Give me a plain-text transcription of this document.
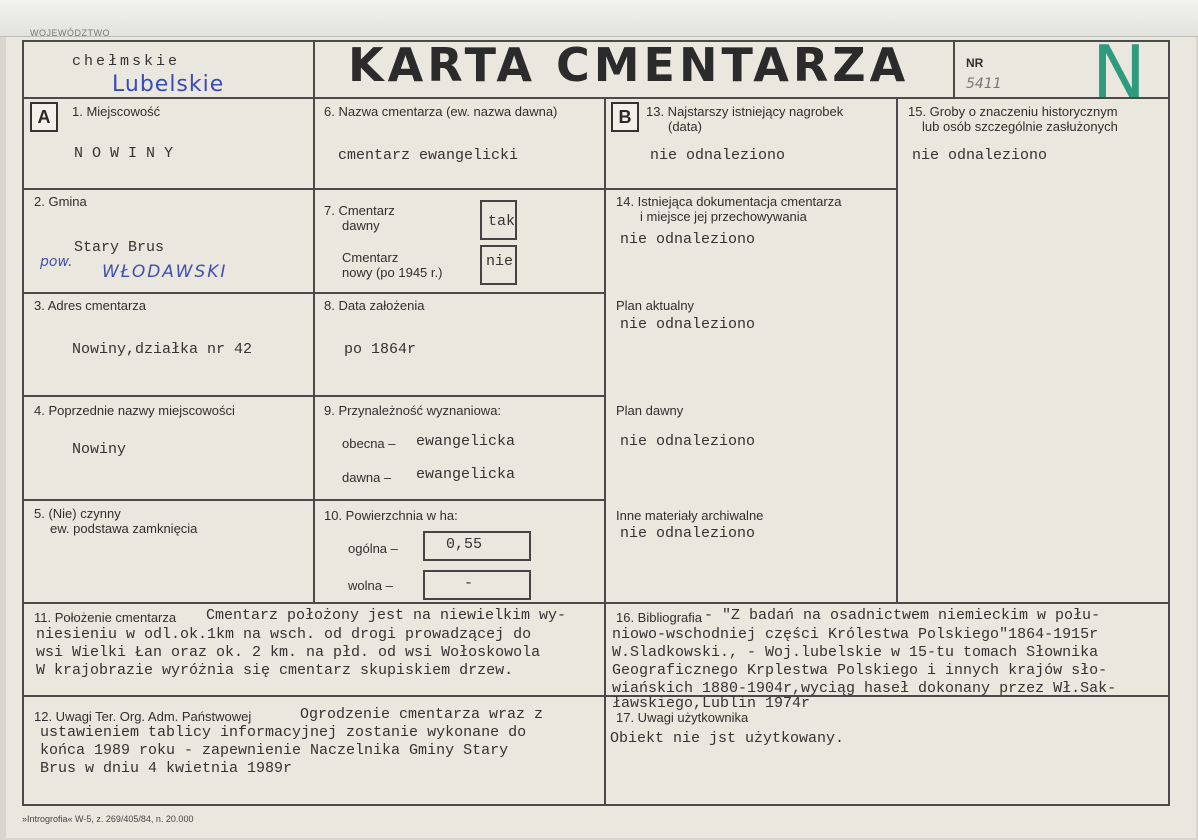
WOJEWÓDZTWO
chełmskie
Lubelskie	KARTA CMENTARZA	NR
5411 N
A	B
1. Miejscowość
N O W I N Y
2. Gmina
Stary Brus
pow. WŁODAWSKI
3. Adres cmentarza
Nowiny,działka nr 42
4. Poprzednie nazwy miejscowości
Nowiny
5. (Nie) czynny
ew. podstawa zamknięcia
6. Nazwa cmentarza (ew. nazwa dawna)
cmentarz ewangelicki
7. Cmentarz
dawny	tak
Cmentarz
nowy (po 1945 r.)
nie
8. Data założenia
po 1864r
9. Przynależność wyznaniowa:
obecna – ewangelicka
dawna – ewangelicka
10. Powierzchnia w ha:
ogólna –	0,55
wolna –	-
13. Najstarszy istniejący nagrobek
(data)
nie odnaleziono
14. Istniejąca dokumentacja cmentarza
i miejsce jej przechowywania
nie odnaleziono
Plan aktualny
nie odnaleziono
Plan dawny
nie odnaleziono
Inne materiały archiwalne
nie odnaleziono
15. Groby o znaczeniu historycznym
lub osób szczególnie zasłużonych
nie odnaleziono
11. Położenie cmentarza Cmentarz położony jest na niewielkim wy-
niesieniu w odl.ok.1km na wsch. od drogi prowadzącej do
wsi Wielki Łan oraz ok. 2 km. na płd. od wsi Wołoskowola
W krajobrazie wyróżnia się cmentarz skupiskiem drzew.
12. Uwagi Ter. Org. Adm. Państwowej	Ogrodzenie cmentarza wraz z
ustawieniem tablicy informacyjnej zostanie wykonane do
końca 1989 roku - zapewnienie Naczelnika Gminy Stary
Brus w dniu 4 kwietnia 1989r
16. Bibliografia - "Z badań na osadnictwem niemieckim w połu-
niowo-wschodniej części Królestwa Polskiego"1864-1915r
W.Sladkowski., - Woj.lubelskie w 15-tu tomach Słownika
Geograficznego Krplestwa Polskiego i innych krajów sło-
wiańskich 1880-1904r,wyciąg haseł dokonany przez Wł.Sak-
ławskiego,Lublin 1974r
17. Uwagi użytkownika
Obiekt nie jst użytkowany.
»Introgrofia« W-5, z. 269/405/84, n. 20.000
